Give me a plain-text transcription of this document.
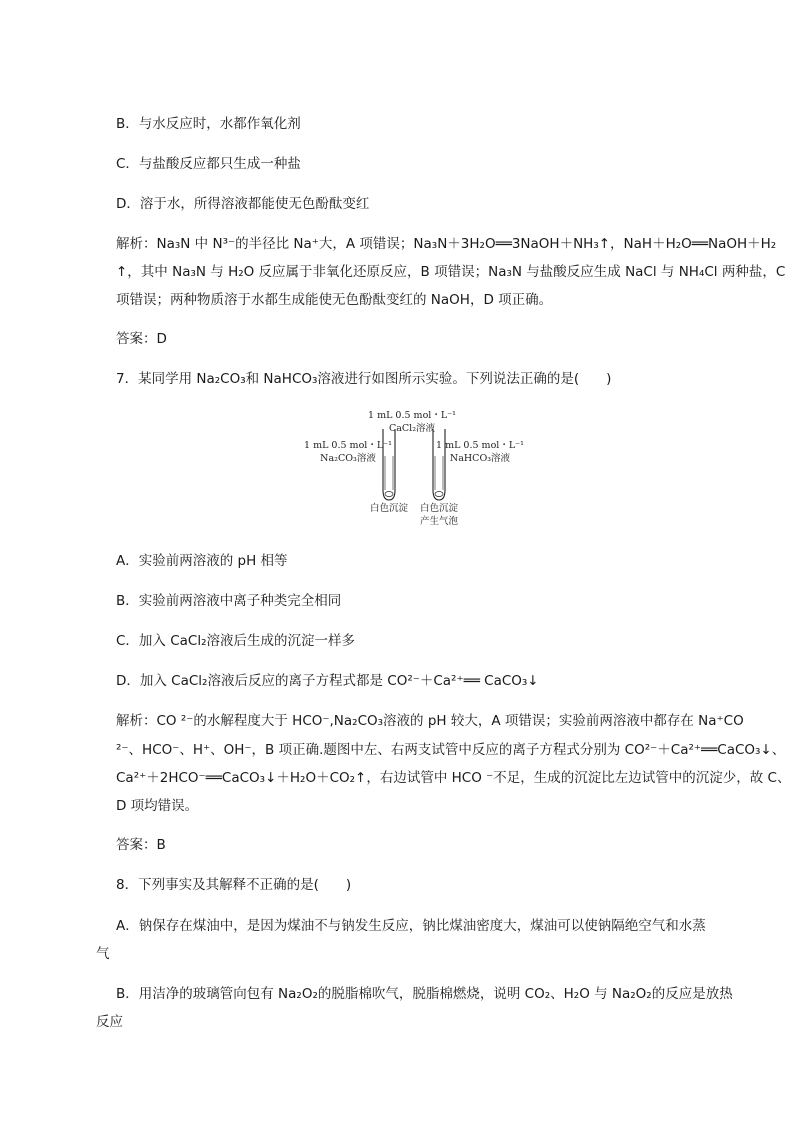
B．与水反应时，水都作氧化剂
C．与盐酸反应都只生成一种盐
D．溶于水，所得溶液都能使无色酚酞变红
解析：Na₃N 中 N³⁻的半径比 Na⁺大，A 项错误；Na₃N＋3H₂O══3NaOH＋NH₃↑，NaH＋H₂O══NaOH＋H₂
↑，其中 Na₃N 与 H₂O 反应属于非氧化还原反应，B 项错误；Na₃N 与盐酸反应生成 NaCl 与 NH₄Cl 两种盐，C
项错误；两种物质溶于水都生成能使无色酚酞变红的 NaOH，D 项正确。
答案：D
7．某同学用 Na₂CO₃和 NaHCO₃溶液进行如图所示实验。下列说法正确的是(　　)
1 mL 0.5 mol・L⁻¹
CaCl₂溶液
1 mL 0.5 mol・L⁻¹
Na₂CO₃溶液
1 mL 0.5 mol・L⁻¹
NaHCO₃溶液
白色沉淀 白色沉淀
产生气泡
A．实验前两溶液的 pH 相等
B．实验前两溶液中离子种类完全相同
C．加入 CaCl₂溶液后生成的沉淀一样多
D．加入 CaCl₂溶液后反应的离子方程式都是 CO²⁻＋Ca²⁺══ CaCO₃↓
解析：CO ²⁻的水解程度大于 HCO⁻,Na₂CO₃溶液的 pH 较大，A 项错误；实验前两溶液中都存在 Na⁺CO
²⁻、HCO⁻、H⁺、OH⁻，B 项正确.题图中左、右两支试管中反应的离子方程式分别为 CO²⁻＋Ca²⁺══CaCO₃↓、
Ca²⁺＋2HCO⁻══CaCO₃↓＋H₂O＋CO₂↑，右边试管中 HCO ⁻不足，生成的沉淀比左边试管中的沉淀少，故 C、
D 项均错误。
答案：B
8．下列事实及其解释不正确的是(　　)
A．钠保存在煤油中，是因为煤油不与钠发生反应，钠比煤油密度大，煤油可以使钠隔绝空气和水蒸
气
B．用洁净的玻璃管向包有 Na₂O₂的脱脂棉吹气，脱脂棉燃烧，说明 CO₂、H₂O 与 Na₂O₂的反应是放热
反应
